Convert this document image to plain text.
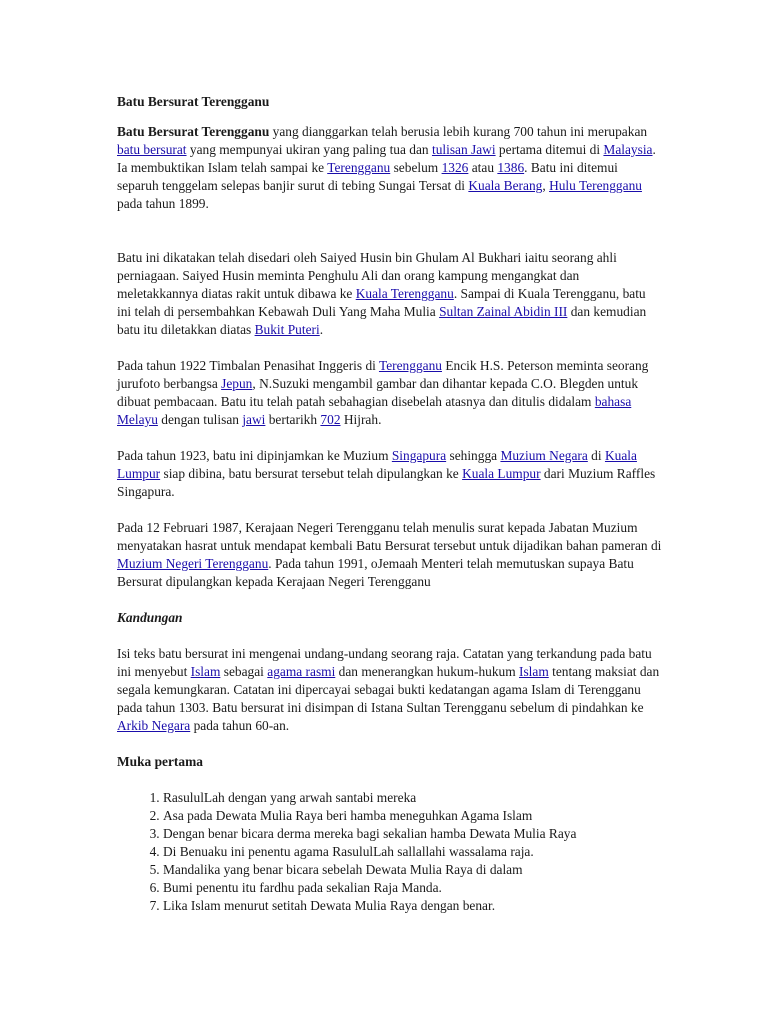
Batu Bersurat Terengganu

Batu Bersurat Terengganu yang dianggarkan telah berusia lebih kurang 700 tahun ini merupakan batu bersurat yang mempunyai ukiran yang paling tua dan tulisan Jawi pertama ditemui di Malaysia. Ia membuktikan Islam telah sampai ke Terengganu sebelum 1326 atau 1386. Batu ini ditemui separuh tenggelam selepas banjir surut di tebing Sungai Tersat di Kuala Berang, Hulu Terengganu pada tahun 1899.

Batu ini dikatakan telah disedari oleh Saiyed Husin bin Ghulam Al Bukhari iaitu seorang ahli perniagaan. Saiyed Husin meminta Penghulu Ali dan orang kampung mengangkat dan meletakkannya diatas rakit untuk dibawa ke Kuala Terengganu. Sampai di Kuala Terengganu, batu ini telah di persembahkan Kebawah Duli Yang Maha Mulia Sultan Zainal Abidin III dan kemudian batu itu diletakkan diatas Bukit Puteri.

Pada tahun 1922 Timbalan Penasihat Inggeris di Terengganu Encik H.S. Peterson meminta seorang jurufoto berbangsa Jepun, N.Suzuki mengambil gambar dan dihantar kepada C.O. Blegden untuk dibuat pembacaan. Batu itu telah patah sebahagian disebelah atasnya dan ditulis didalam bahasa Melayu dengan tulisan jawi bertarikh 702 Hijrah.

Pada tahun 1923, batu ini dipinjamkan ke Muzium Singapura sehingga Muzium Negara di Kuala Lumpur siap dibina, batu bersurat tersebut telah dipulangkan ke Kuala Lumpur dari Muzium Raffles Singapura.

Pada 12 Februari 1987, Kerajaan Negeri Terengganu telah menulis surat kepada Jabatan Muzium menyatakan hasrat untuk mendapat kembali Batu Bersurat tersebut untuk dijadikan bahan pameran di Muzium Negeri Terengganu. Pada tahun 1991, oJemaah Menteri telah memutuskan supaya Batu Bersurat dipulangkan kepada Kerajaan Negeri Terengganu

Kandungan

Isi teks batu bersurat ini mengenai undang-undang seorang raja. Catatan yang terkandung pada batu ini menyebut Islam sebagai agama rasmi dan menerangkan hukum-hukum Islam tentang maksiat dan segala kemungkaran. Catatan ini dipercayai sebagai bukti kedatangan agama Islam di Terengganu pada tahun 1303. Batu bersurat ini disimpan di Istana Sultan Terengganu sebelum di pindahkan ke Arkib Negara pada tahun 60-an.

Muka pertama
1. RasululLah dengan yang arwah santabi mereka
2. Asa pada Dewata Mulia Raya beri hamba meneguhkan Agama Islam
3. Dengan benar bicara derma mereka bagi sekalian hamba Dewata Mulia Raya
4. Di Benuaku ini penentu agama RasululLah sallallahi wassalama raja.
5. Mandalika yang benar bicara sebelah Dewata Mulia Raya di dalam
6. Bumi penentu itu fardhu pada sekalian Raja Manda.
7. Lika Islam menurut setitah Dewata Mulia Raya dengan benar.
